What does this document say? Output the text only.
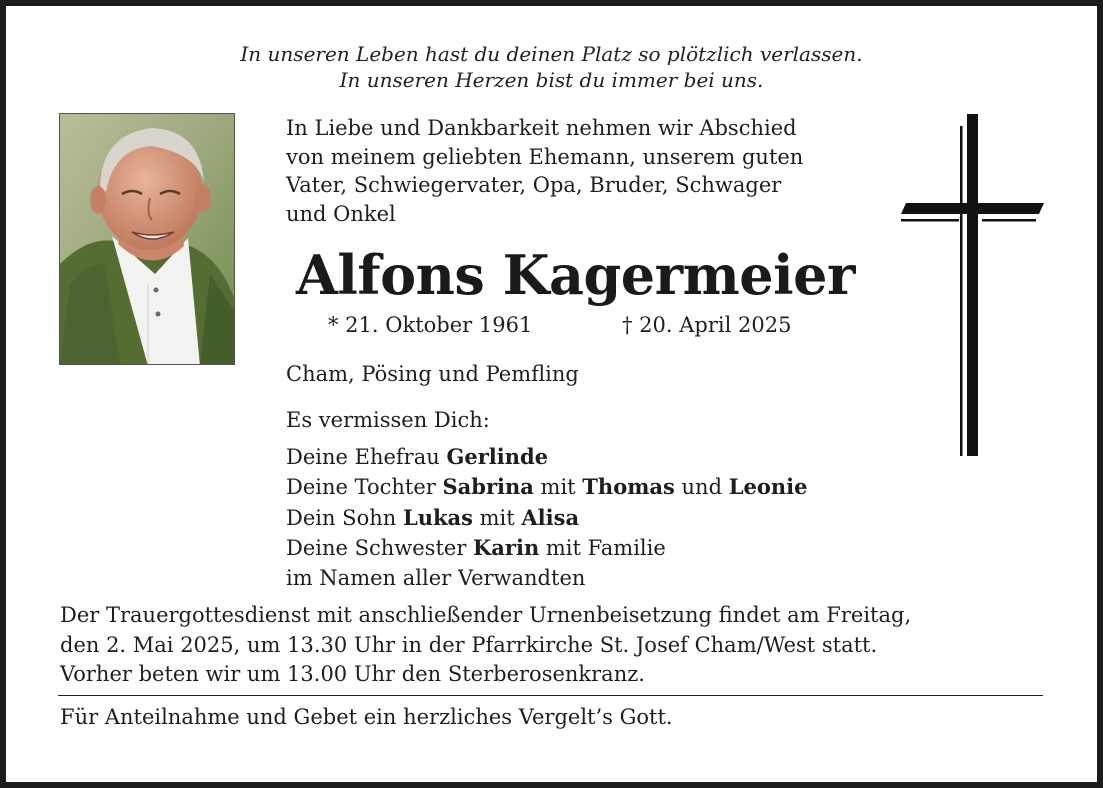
In unseren Leben hast du deinen Platz so plötzlich verlassen.
In unseren Herzen bist du immer bei uns.
In Liebe und Dankbarkeit nehmen wir Abschied
von meinem geliebten Ehemann, unserem guten
Vater, Schwiegervater, Opa, Bruder, Schwager
und Onkel
Alfons Kagermeier
* 21. Oktober 1961	† 20. April 2025
Cham, Pösing und Pemfling
Es vermissen Dich:
Deine Ehefrau Gerlinde
Deine Tochter Sabrina mit Thomas und Leonie
Dein Sohn Lukas mit Alisa
Deine Schwester Karin mit Familie
im Namen aller Verwandten
Der Trauergottesdienst mit anschließender Urnenbeisetzung findet am Freitag,
den 2. Mai 2025, um 13.30 Uhr in der Pfarrkirche St. Josef Cham/West statt.
Vorher beten wir um 13.00 Uhr den Sterberosenkranz.
Für Anteilnahme und Gebet ein herzliches Vergelt’s Gott.
